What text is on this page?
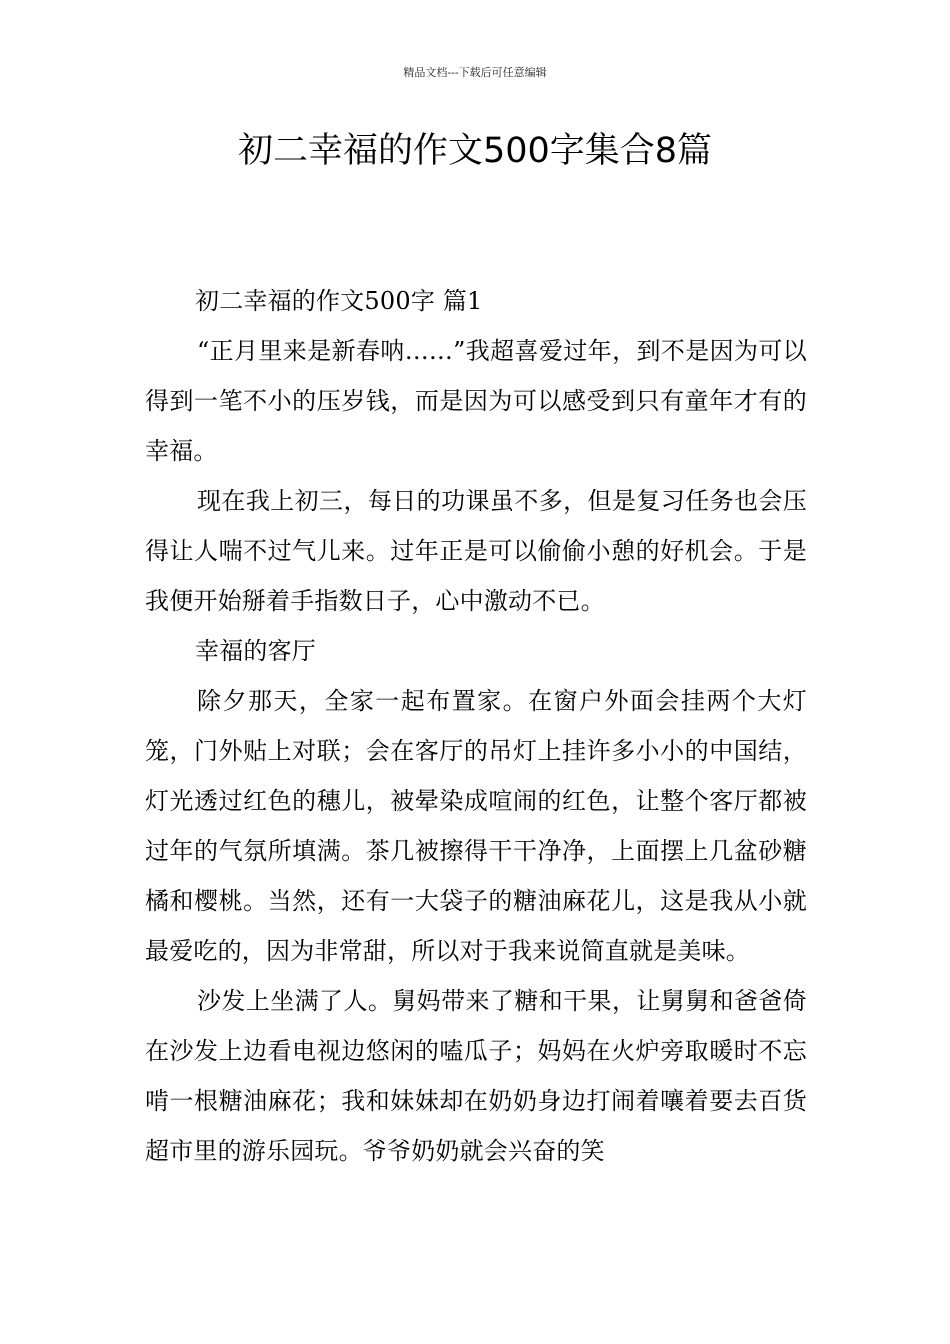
精品文档---下载后可任意编辑
初二幸福的作文500字集合8篇

初二幸福的作文500字 篇1

“正月里来是新春呐……”我超喜爱过年，到不是因为可以得到一笔不小的压岁钱，而是因为可以感受到只有童年才有的幸福。

现在我上初三，每日的功课虽不多，但是复习任务也会压得让人喘不过气儿来。过年正是可以偷偷小憩的好机会。于是我便开始掰着手指数日子，心中激动不已。

幸福的客厅

除夕那天，全家一起布置家。在窗户外面会挂两个大灯笼，门外贴上对联；会在客厅的吊灯上挂许多小小的中国结，灯光透过红色的穗儿，被晕染成喧闹的红色，让整个客厅都被过年的气氛所填满。茶几被擦得干干净净，上面摆上几盆砂糖橘和樱桃。当然，还有一大袋子的糖油麻花儿，这是我从小就最爱吃的，因为非常甜，所以对于我来说简直就是美味。

沙发上坐满了人。舅妈带来了糖和干果，让舅舅和爸爸倚在沙发上边看电视边悠闲的嗑瓜子；妈妈在火炉旁取暖时不忘啃一根糖油麻花；我和妹妹却在奶奶身边打闹着嚷着要去百货超市里的游乐园玩。爷爷奶奶就会兴奋的笑
